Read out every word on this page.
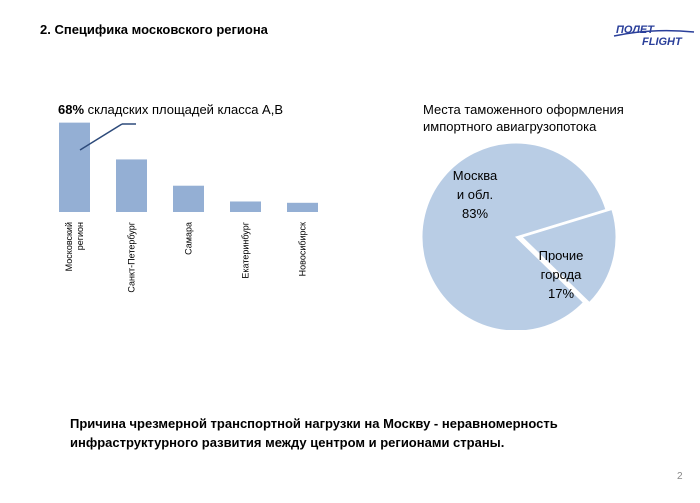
2. Специфика московского региона	ПОЛЕТ
FLIGHT
68% складских площадей класса А,В
Московский регион	Санкт-Петербург	Самара	Екатеринбург	Новосибирск
Москва
и обл.
83%
Прочие
города
17%
Места таможенного оформления
импортного авиагрузопотока
Причина чрезмерной транспортной нагрузки на Москву - неравномерность
инфраструктурного развития между центром и регионами страны.
2
